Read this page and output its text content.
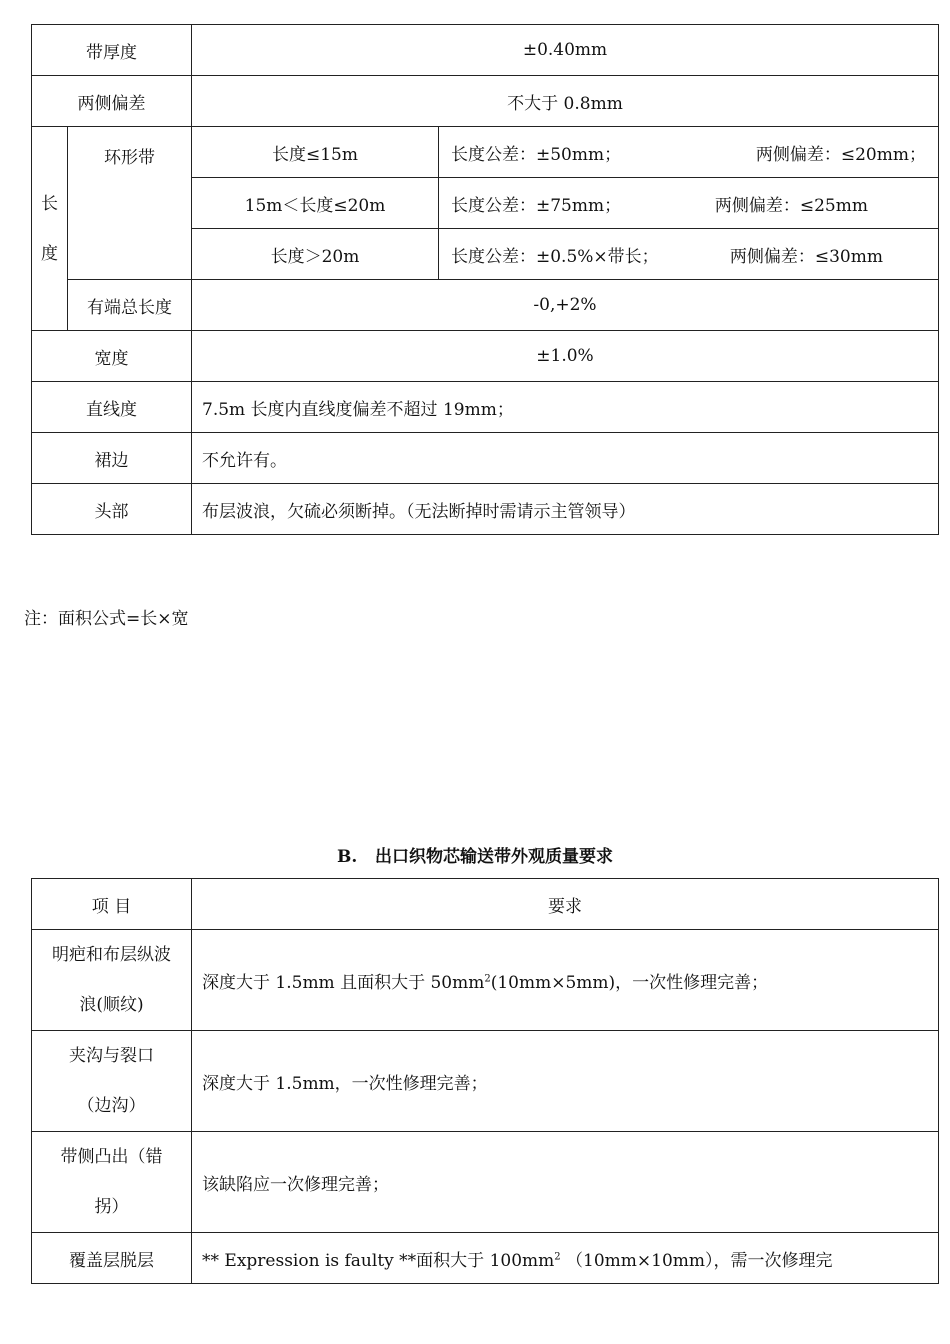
带厚度		±0.40mm	
两侧偏差		不大于 0.8mm	

长
度	环形带	长度≤15m	长度公差：±50mm； 两侧偏差：≤20mm；

		15m＜长度≤20m	长度公差：±75mm； 两侧偏差：≤25mm

		长度＞20m	长度公差：±0.5%×带长； 两侧偏差：≤30mm

	有端总长度	-0,+2%	
宽度		±1.0%	
直线度		7.5m 长度内直线度偏差不超过 19mm；	
裙边		不允许有。	
头部		布层波浪，欠硫必须断掉。（无法断掉时需请示主管领导）	
注：面积公式=长×宽
B.   出口织物芯输送带外观质量要求
项 目	要求

明疤和布层纵波
浪(顺纹)	深度大于 1.5mm 且面积大于 $50mm^2(10mm\times 5mm)$，一次性修理完善；

夹沟与裂口
（边沟）	深度大于 1.5mm，一次性修理完善；

带侧凸出（错
拐）	该缺陷应一次修理完善；
覆盖层脱层	** Expression is faulty **面积大于 $100mm^2$ （10mm×10mm），需一次修理完
